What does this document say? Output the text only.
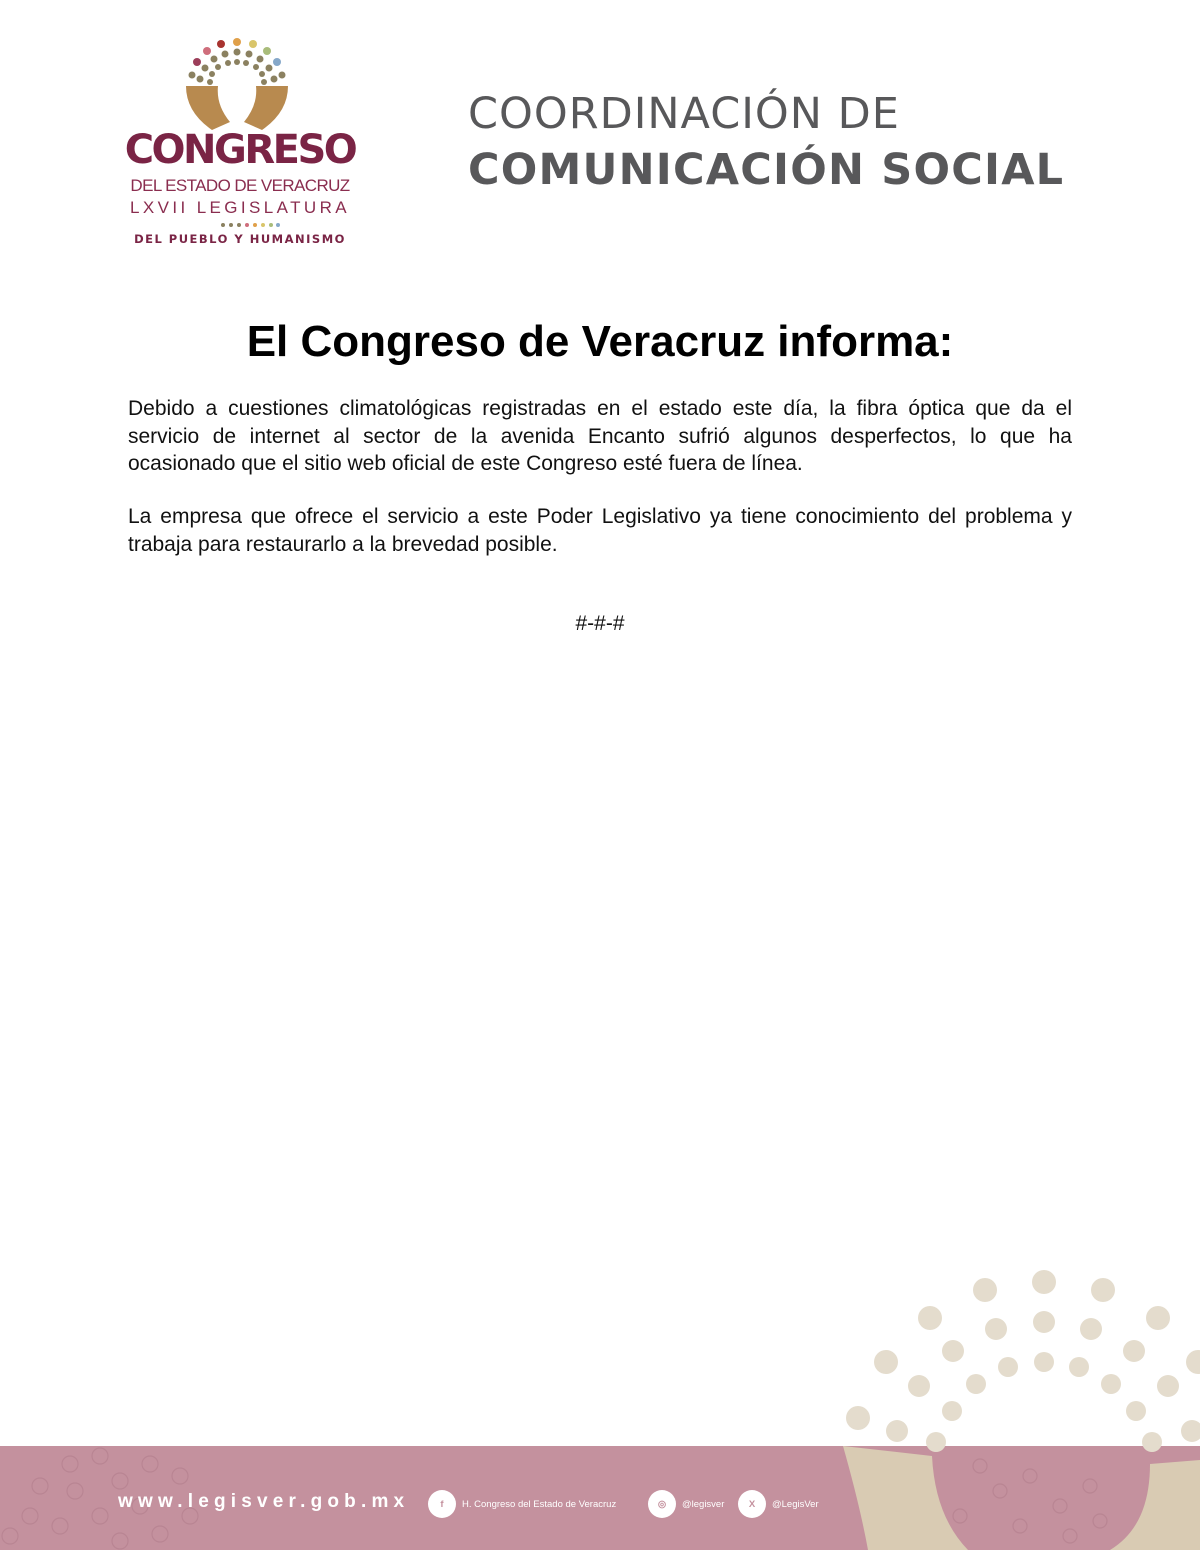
CONGRESO
DEL ESTADO DE VERACRUZ
LXVII LEGISLATURA
DEL PUEBLO Y HUMANISMO
COORDINACIÓN DE
COMUNICACIÓN SOCIAL
El Congreso de Veracruz informa:

Debido a cuestiones climatológicas registradas en el estado este día, la fibra óptica que da el servicio de internet al sector de la avenida Encanto sufrió algunos desperfectos, lo que ha ocasionado que el sitio web oficial de este Congreso esté fuera de línea.

La empresa que ofrece el servicio a este Poder Legislativo ya tiene conocimiento del problema y trabaja para restaurarlo a la brevedad posible.

#-#-#
www.legisver.gob.mx	f	H. Congreso del Estado de Veracruz	◎	@legisver	X	@LegisVer
